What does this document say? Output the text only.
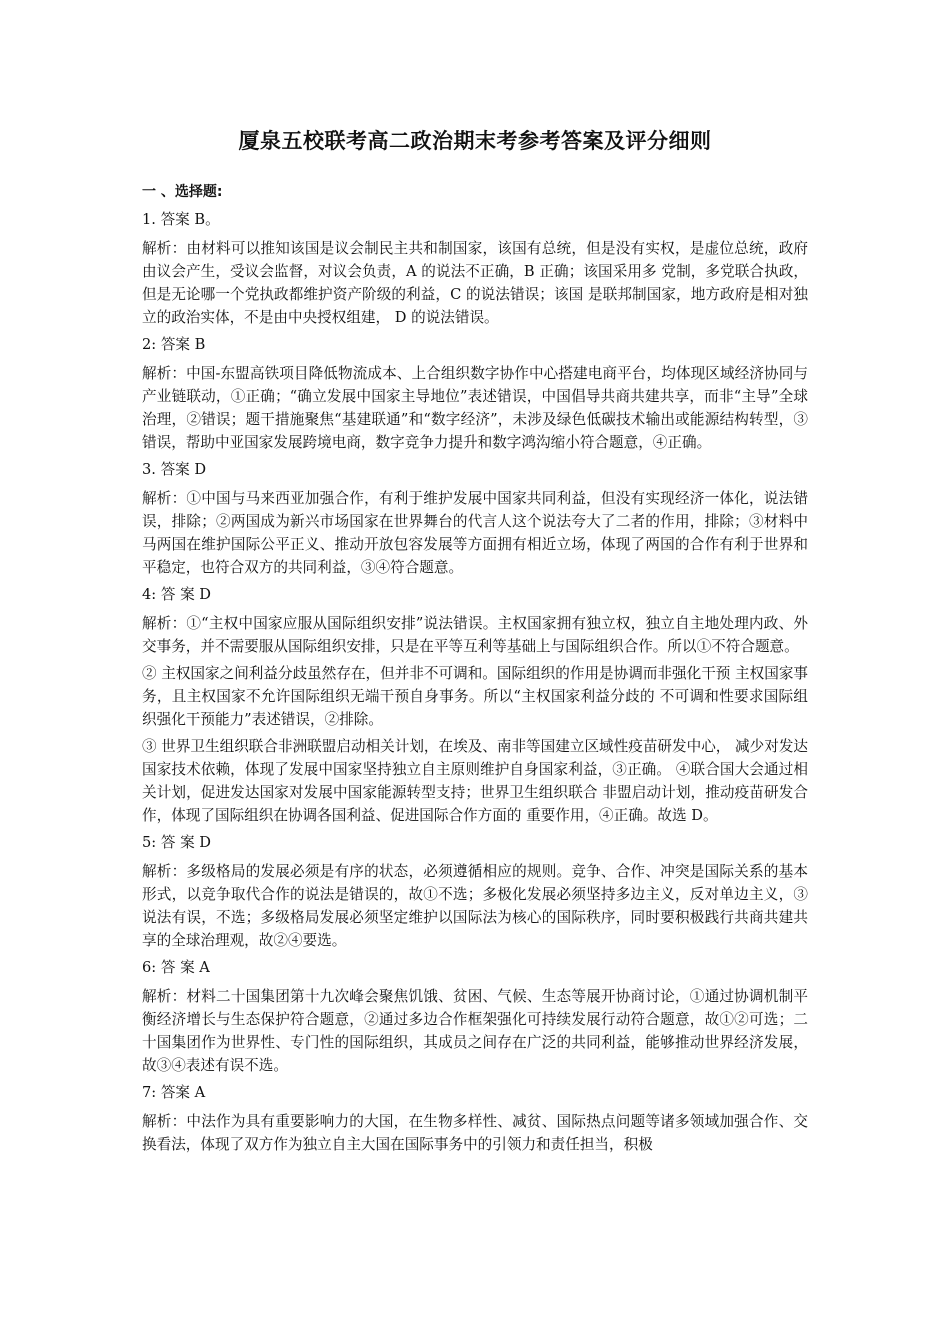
厦泉五校联考高二政治期末考参考答案及评分细则
一 、选择题:
1. 答案 B。
解析：由材料可以推知该国是议会制民主共和制国家，该国有总统，但是没有实权，是虚位总统，政府由议会产生，受议会监督，对议会负责，A 的说法不正确，B 正确；该国采用多 党制，多党联合执政，但是无论哪一个党执政都维护资产阶级的利益，C 的说法错误；该国 是联邦制国家，地方政府是相对独立的政治实体，不是由中央授权组建， D 的说法错误。
2: 答案 B
解析：中国-东盟高铁项目降低物流成本、上合组织数字协作中心搭建电商平台，均体现区域经济协同与产业链联动，①正确；“确立发展中国家主导地位”表述错误，中国倡导共商共建共享，而非“主导”全球治理，②错误；题干措施聚焦“基建联通”和“数字经济”，未涉及绿色低碳技术输出或能源结构转型，③错误，帮助中亚国家发展跨境电商，数字竞争力提升和数字鸿沟缩小符合题意，④正确。
3. 答案 D
解析：①中国与马来西亚加强合作，有利于维护发展中国家共同利益，但没有实现经济一体化，说法错误，排除；②两国成为新兴市场国家在世界舞台的代言人这个说法夸大了二者的作用，排除；③材料中马两国在维护国际公平正义、推动开放包容发展等方面拥有相近立场，体现了两国的合作有利于世界和平稳定，也符合双方的共同利益，③④符合题意。
4: 答 案 D
解析：①“主权中国家应服从国际组织安排”说法错误。主权国家拥有独立权，独立自主地处理内政、外交事务，并不需要服从国际组织安排，只是在平等互利等基础上与国际组织合作。所以①不符合题意。
② 主权国家之间利益分歧虽然存在，但并非不可调和。国际组织的作用是协调而非强化干预 主权国家事务，且主权国家不允许国际组织无端干预自身事务。所以“主权国家利益分歧的 不可调和性要求国际组织强化干预能力”表述错误，②排除。
③ 世界卫生组织联合非洲联盟启动相关计划，在埃及、南非等国建立区域性疫苗研发中心， 减少对发达国家技术依赖，体现了发展中国家坚持独立自主原则维护自身国家利益，③正确。 ④联合国大会通过相关计划，促进发达国家对发展中国家能源转型支持；世界卫生组织联合 非盟启动计划，推动疫苗研发合作，体现了国际组织在协调各国利益、促进国际合作方面的 重要作用，④正确。故选 D。
5: 答 案 D
解析：多级格局的发展必须是有序的状态，必须遵循相应的规则。竞争、合作、冲突是国际关系的基本形式，以竞争取代合作的说法是错误的，故①不选；多极化发展必须坚持多边主义，反对单边主义，③说法有误，不选；多级格局发展必须坚定维护以国际法为核心的国际秩序，同时要积极践行共商共建共享的全球治理观，故②④要选。
6: 答 案 A
解析：材料二十国集团第十九次峰会聚焦饥饿、贫困、气候、生态等展开协商讨论，①通过协调机制平衡经济增长与生态保护符合题意，②通过多边合作框架强化可持续发展行动符合题意，故①②可选；二十国集团作为世界性、专门性的国际组织，其成员之间存在广泛的共同利益，能够推动世界经济发展，故③④表述有误不选。
7: 答案 A
解析：中法作为具有重要影响力的大国，在生物多样性、减贫、国际热点问题等诸多领域加强合作、交换看法，体现了双方作为独立自主大国在国际事务中的引领力和责任担当，积极
